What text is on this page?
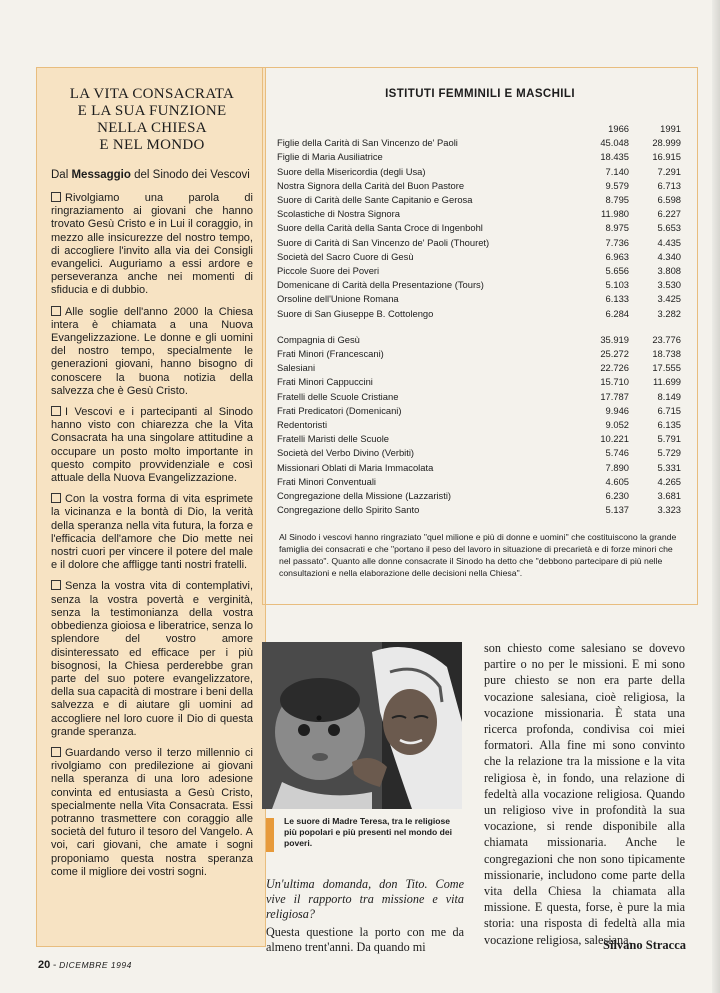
LA VITA CONSACRATA
E LA SUA FUNZIONE
NELLA CHIESA
E NEL MONDO
Dal Messaggio del Sinodo dei Vescovi

Rivolgiamo una parola di ringraziamento ai giovani che hanno trovato Gesù Cristo e in Lui il coraggio, in mezzo alle insicurezze del nostro tempo, di accogliere l'invito alla via dei Consigli evangelici. Auguriamo a essi ardore e perseveranza anche nei momenti di sfiducia e di dubbio.

Alle soglie dell'anno 2000 la Chiesa intera è chiamata a una Nuova Evangelizzazione. Le donne e gli uomini del nostro tempo, specialmente le generazioni giovani, hanno bisogno di conoscere la buona notizia della salvezza che è Gesù Cristo.

I Vescovi e i partecipanti al Sinodo hanno visto con chiarezza che la Vita Consacrata ha una singolare attitudine a occupare un posto molto importante in questo compito provvidenziale e così attuale della Nuova Evangelizzazione.

Con la vostra forma di vita esprimete la vicinanza e la bontà di Dio, la verità della speranza nella vita futura, la forza e l'efficacia dell'amore che Dio mette nei nostri cuori per vincere il potere del male e il dolore che affligge tanti nostri fratelli.

Senza la vostra vita di contemplativi, senza la vostra povertà e verginità, senza la testimonianza della vostra obbedienza gioiosa e liberatrice, senza lo splendore del vostro amore disinteressato ed efficace per i più bisognosi, la Chiesa perderebbe gran parte del suo potere evangelizzatore, della sua capacità di mostrare i beni della salvezza e di aiutare gli uomini ad accogliere nel loro cuore il Dio di questa grande speranza.

Guardando verso il terzo millennio ci rivolgiamo con predilezione ai giovani nella speranza di una loro adesione convinta ed entusiasta a Gesù Cristo, specialmente nella Vita Consacrata. Essi potranno trasmettere con coraggio alle società del futuro il tesoro del Vangelo. A voi, cari giovani, che amate i sogni proponiamo questa nostra speranza come il migliore dei vostri sogni.

ISTITUTI FEMMINILI E MASCHILI
	1966	1991
Figlie della Carità di San Vincenzo de' Paoli	45.048	28.999
Figlie di Maria Ausiliatrice	18.435	16.915
Suore della Misericordia (degli Usa)	7.140	7.291
Nostra Signora della Carità del Buon Pastore	9.579	6.713
Suore di Carità delle Sante Capitanio e Gerosa	8.795	6.598
Scolastiche di Nostra Signora	11.980	6.227
Suore della Carità della Santa Croce di Ingenbohl	8.975	5.653
Suore di Carità di San Vincenzo de' Paoli (Thouret)	7.736	4.435
Società del Sacro Cuore di Gesù	6.963	4.340
Piccole Suore dei Poveri	5.656	3.808
Domenicane di Carità della Presentazione (Tours)	5.103	3.530
Orsoline dell'Unione Romana	6.133	3.425
Suore di San Giuseppe B. Cottolengo	6.284	3.282

Compagnia di Gesù	35.919	23.776
Frati Minori (Francescani)	25.272	18.738
Salesiani	22.726	17.555
Frati Minori Cappuccini	15.710	11.699
Fratelli delle Scuole Cristiane	17.787	8.149
Frati Predicatori (Domenicani)	9.946	6.715
Redentoristi	9.052	6.135
Fratelli Maristi delle Scuole	10.221	5.791
Società del Verbo Divino (Verbiti)	5.746	5.729
Missionari Oblati di Maria Immacolata	7.890	5.331
Frati Minori Conventuali	4.605	4.265
Congregazione della Missione (Lazzaristi)	6.230	3.681
Congregazione dello Spirito Santo	5.137	3.323
Al Sinodo i vescovi hanno ringraziato "quel milione e più di donne e uomini" che costituiscono la grande famiglia dei consacrati e che "portano il peso del lavoro in situazione di precarietà e di forze minori che nel passato". Quanto alle donne consacrate il Sinodo ha detto che "debbono partecipare di più nelle consultazioni e nella elaborazione delle decisioni nella Chiesa".
Le suore di Madre Teresa, tra le religiose più popolari e più presenti nel mondo dei poveri.
Un'ultima domanda, don Tito. Come vive il rapporto tra missione e vita religiosa?
Questa questione la porto con me da almeno trent'anni. Da quando mi
son chiesto come salesiano se dovevo partire o no per le missioni. E mi sono pure chiesto se non era parte della vocazione salesiana, cioè religiosa, la vocazione missionaria. È stata una ricerca profonda, condivisa coi miei formatori. Alla fine mi sono convinto che la relazione tra la missione e la vita religiosa è, in fondo, una relazione di fedeltà alla vocazione religiosa. Quando un religioso vive in profondità la sua vocazione, si rende disponibile alla chiamata missionaria. Anche le congregazioni che non sono tipicamente missionarie, includono come parte della vita della Chiesa la chiamata alla missione. E questa, forse, è pure la mia storia: una risposta di fedeltà alla mia vocazione religiosa, salesiana.
Silvano Stracca
20 - DICEMBRE 1994
